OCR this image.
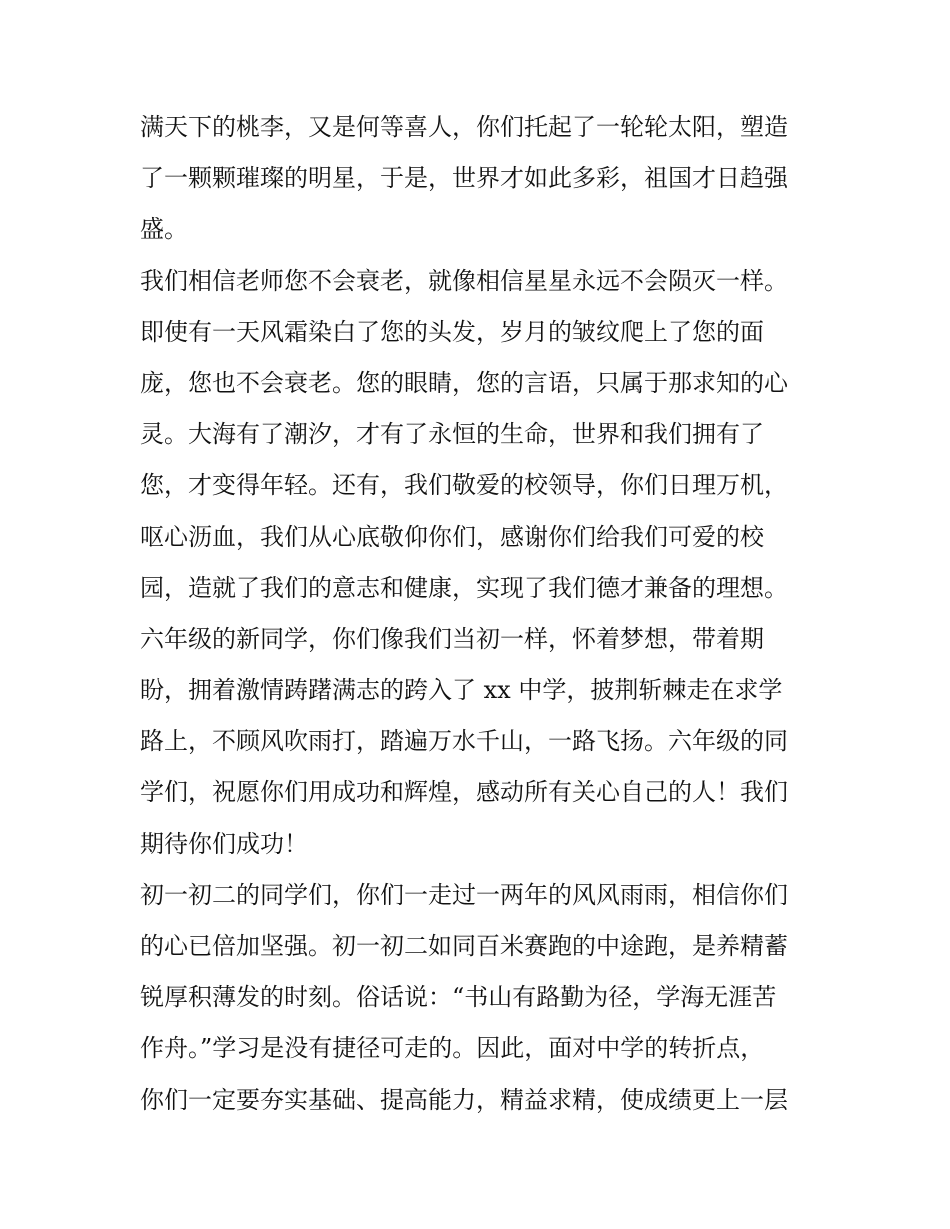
满天下的桃李，又是何等喜人，你们托起了一轮轮太阳，塑造
了一颗颗璀璨的明星，于是，世界才如此多彩，祖国才日趋强
盛。
我们相信老师您不会衰老，就像相信星星永远不会陨灭一样。
即使有一天风霜染白了您的头发，岁月的皱纹爬上了您的面
庞，您也不会衰老。您的眼睛，您的言语，只属于那求知的心
灵。大海有了潮汐，才有了永恒的生命，世界和我们拥有了
您，才变得年轻。还有，我们敬爱的校领导，你们日理万机，
呕心沥血，我们从心底敬仰你们，感谢你们给我们可爱的校
园，造就了我们的意志和健康，实现了我们德才兼备的理想。
六年级的新同学，你们像我们当初一样，怀着梦想，带着期
盼，拥着激情踌躇满志的跨入了 xx 中学，披荆斩棘走在求学
路上，不顾风吹雨打，踏遍万水千山，一路飞扬。六年级的同
学们，祝愿你们用成功和辉煌，感动所有关心自己的人！我们
期待你们成功！
初一初二的同学们，你们一走过一两年的风风雨雨，相信你们
的心已倍加坚强。初一初二如同百米赛跑的中途跑，是养精蓄
锐厚积薄发的时刻。俗话说：“书山有路勤为径，学海无涯苦
作舟。”学习是没有捷径可走的。因此，面对中学的转折点，
你们一定要夯实基础、提高能力，精益求精，使成绩更上一层
